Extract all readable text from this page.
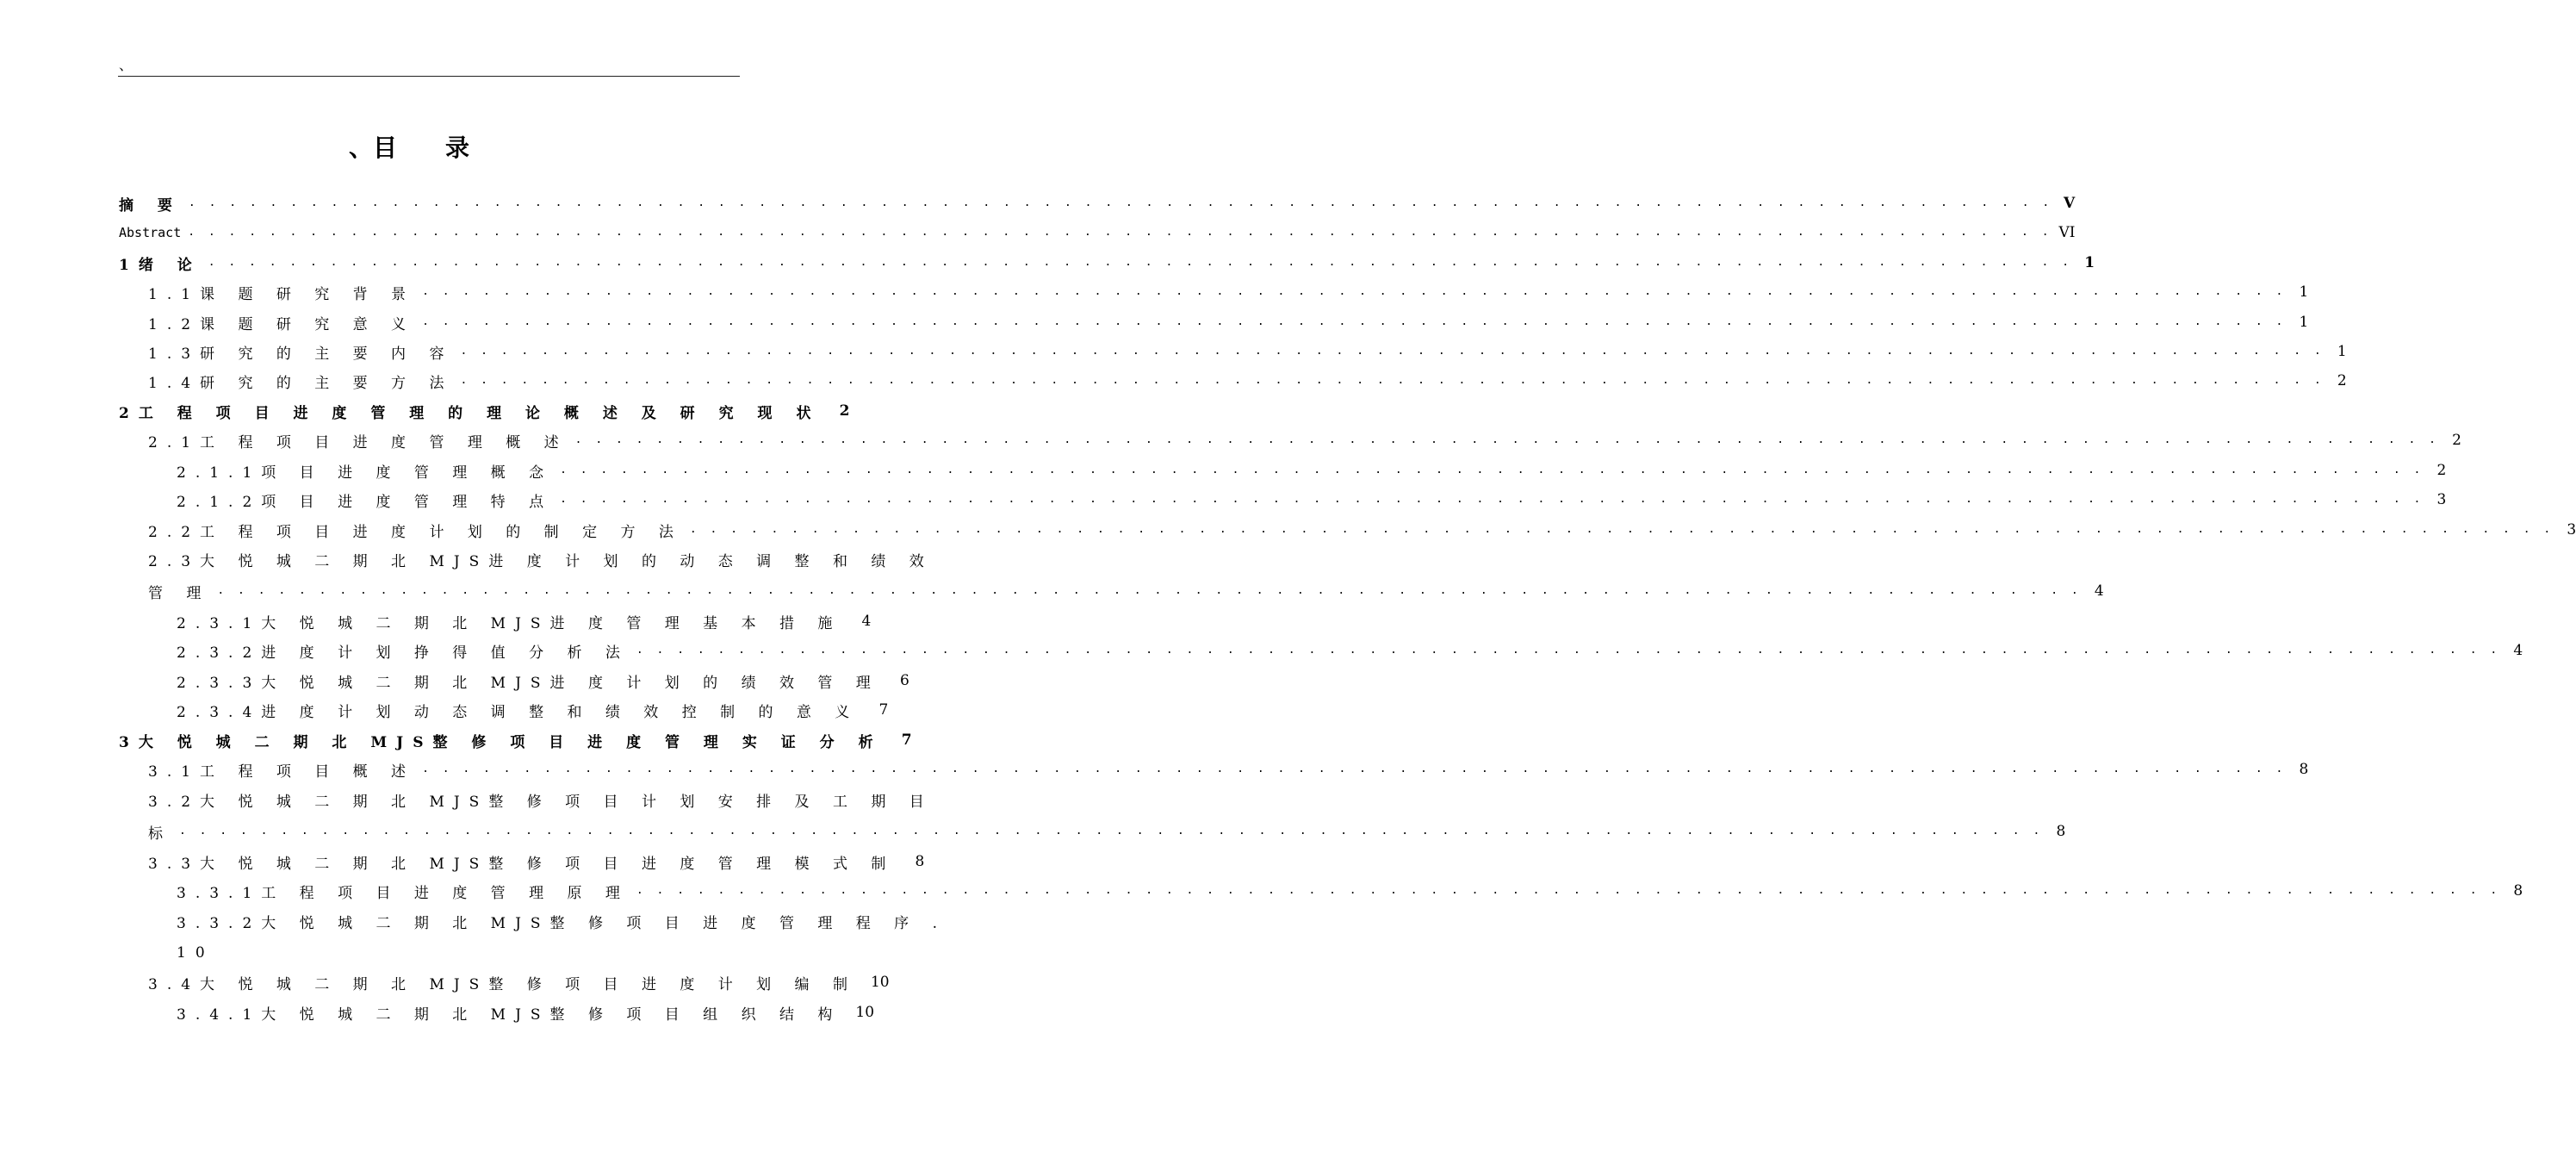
、
、目 录
摘 要 . . .	V
Abstract . . .	VI
1绪 论 . . .	1
1.1课 题 研 究 背 景 . . .	1
1.2课 题 研 究 意 义 . . .	1
1.3研 究 的 主 要 内 容 . . .	1
1.4研 究 的 主 要 方 法 . . .	2
2工 程 项 目 进 度 管 理 的 理 论 概 述 及 研 究 现 状	2
2.1工 程 项 目 进 度 管 理 概 述 . . .	2
2.1.1项 目 进 度 管 理 概 念 . . .	2
2.1.2项 目 进 度 管 理 特 点 . . .	3
2.2工 程 项 目 进 度 计 划 的 制 定 方 法 . . .	3
2.3大 悦 城 二 期 北 MJS进 度 计 划 的 动 态 调 整 和 绩 效
管 理 . . .	4
2.3.1大 悦 城 二 期 北 MJS进 度 管 理 基 本 措 施	4
2.3.2进 度 计 划 挣 得 值 分 析 法 . . .	4
2.3.3大 悦 城 二 期 北 MJS进 度 计 划 的 绩 效 管 理	6
2.3.4进 度 计 划 动 态 调 整 和 绩 效 控 制 的 意 义	7
3大 悦 城 二 期 北 MJS整 修 项 目 进 度 管 理 实 证 分 析	7
3.1工 程 项 目 概 述 . . .	8
3.2大 悦 城 二 期 北 MJS整 修 项 目 计 划 安 排 及 工 期 目
标 . . .	8
3.3大 悦 城 二 期 北 MJS整 修 项 目 进 度 管 理 模 式 制	8
3.3.1工 程 项 目 进 度 管 理 原 理 . . .	8
3.3.2大 悦 城 二 期 北 MJS整 修 项 目 进 度 管 理 程 序 .
10
3.4大 悦 城 二 期 北 MJS整 修 项 目 进 度 计 划 编 制 10
3.4.1大 悦 城 二 期 北 MJS整 修 项 目 组 织 结 构 10
